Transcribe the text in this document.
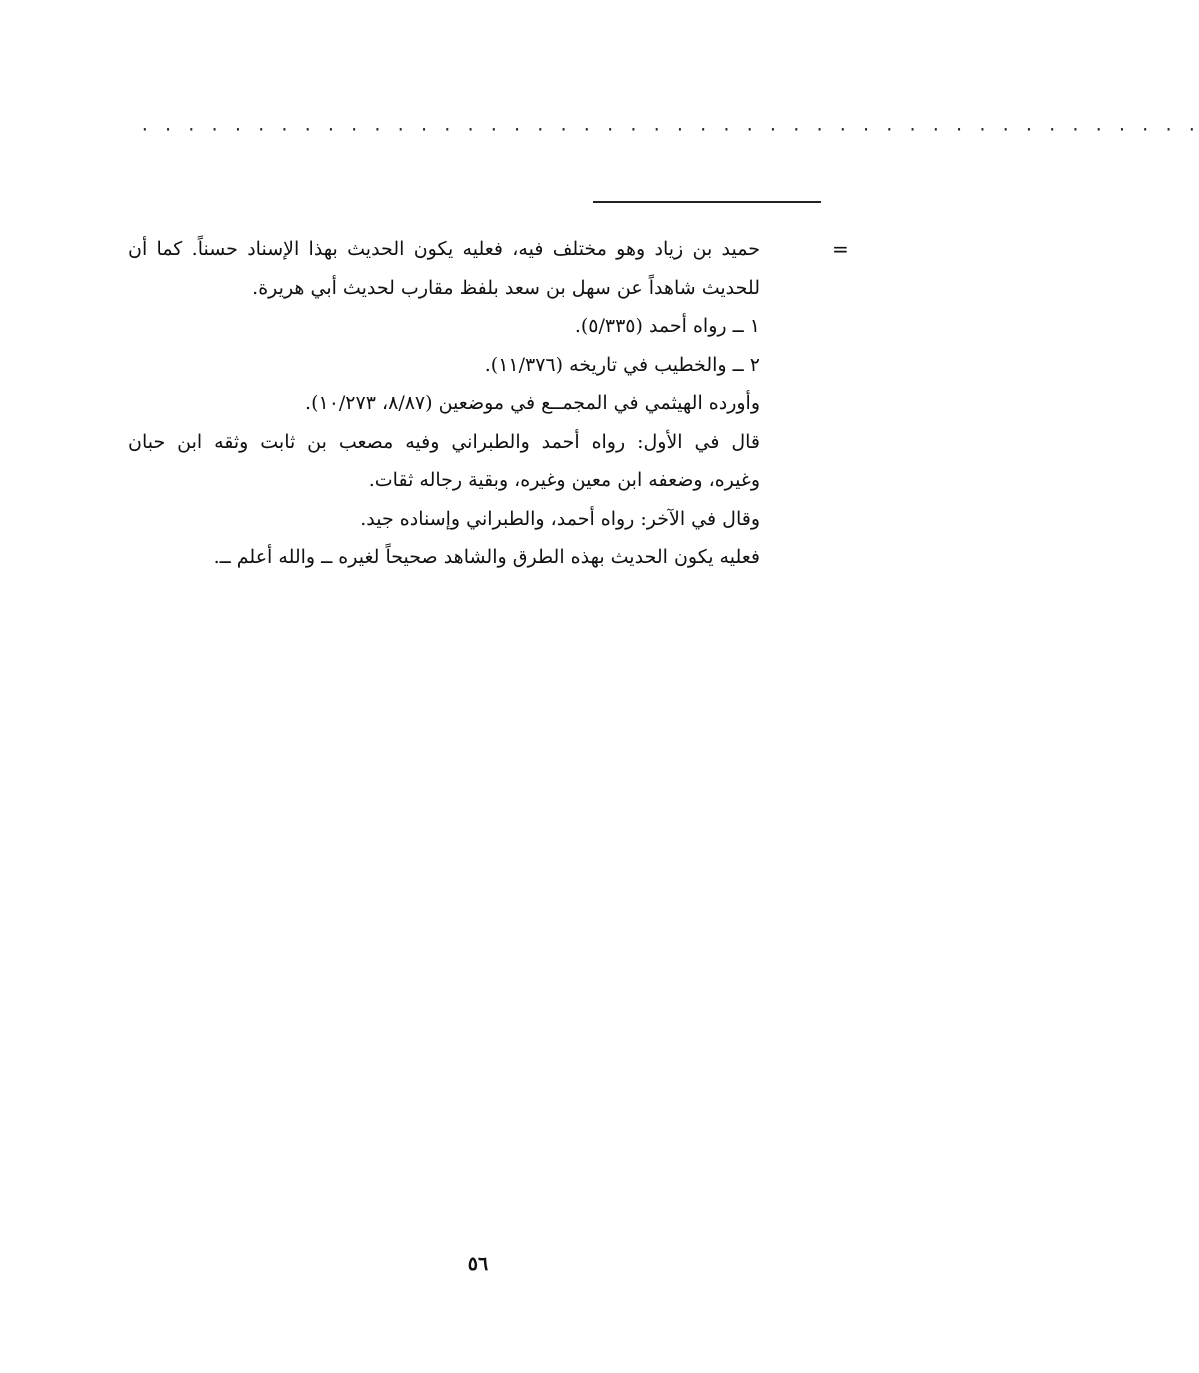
· · · · · · · · · · · · · · · · · · · · · · · · · · · · · · · · · · · · · · · · · · · · · ·
=

حميد بن زياد وهو مختلف فيه، فعليه يكون الحديث بهذا الإسناد حسناً. كما أن

للحديث شاهداً عن سهل بن سعد بلفظ مقارب لحديث أبي هريرة.

١ ــ رواه أحمد (٥/٣٣٥).

٢ ــ والخطيب في تاريخه (١١/٣٧٦).

وأورده الهيثمي في المجمــع في موضعين (٨/٨٧، ١٠/٢٧٣).

قال في الأول: رواه أحمد والطبراني وفيه مصعب بن ثابت وثقه ابن حبان

وغيره، وضعفه ابن معين وغيره، وبقية رجاله ثقات.

وقال في الآخر: رواه أحمد، والطبراني وإسناده جيد.

فعليه يكون الحديث بهذه الطرق والشاهد صحيحاً لغيره ــ والله أعلم ــ.

٥٦
